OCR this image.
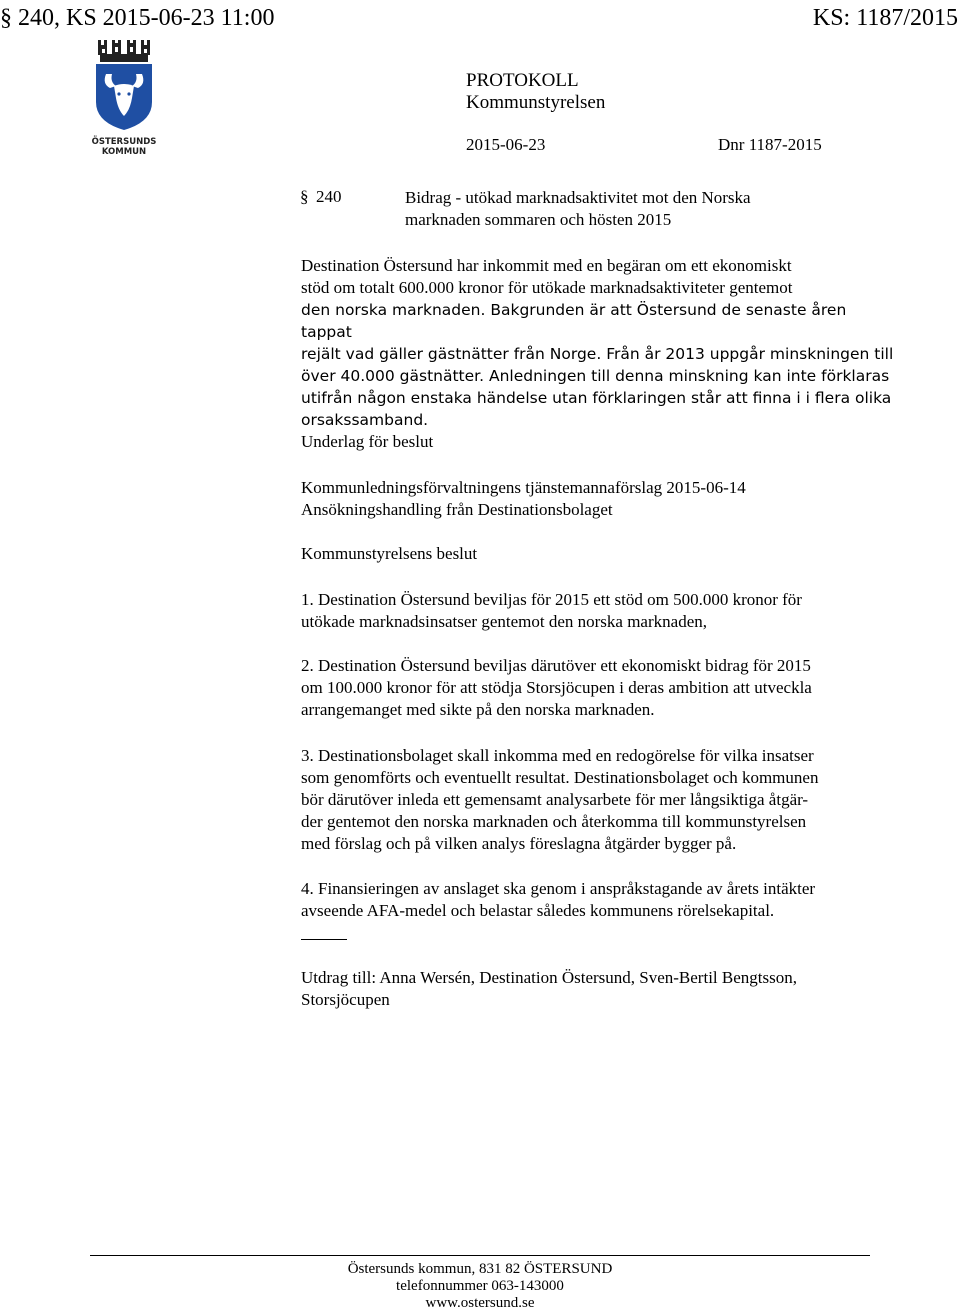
§ 240, KS 2015-06-23 11:00	KS: 1187/2015
ÖSTERSUNDS
KOMMUN
PROTOKOLL
Kommunstyrelsen
2015-06-23	Dnr 1187-2015
§ 240	Bidrag - utökad marknadsaktivitet mot den Norska
marknaden sommaren och hösten 2015
Destination Östersund har inkommit med en begäran om ett ekonomiskt
stöd om totalt 600.000 kronor för utökade marknadsaktiviteter gentemot
den norska marknaden. Bakgrunden är att Östersund de senaste åren tappat
rejält vad gäller gästnätter från Norge. Från år 2013 uppgår minskningen till
över 40.000 gästnätter. Anledningen till denna minskning kan inte förklaras
utifrån någon enstaka händelse utan förklaringen står att finna i i flera olika
orsakssamband.
Underlag för beslut
Kommunledningsförvaltningens tjänstemannaförslag 2015-06-14
Ansökningshandling från Destinationsbolaget
Kommunstyrelsens beslut
1. Destination Östersund beviljas för 2015 ett stöd om 500.000 kronor för
utökade marknadsinsatser gentemot den norska marknaden,
2. Destination Östersund beviljas därutöver ett ekonomiskt bidrag för 2015
om 100.000 kronor för att stödja Storsjöcupen i deras ambition att utveckla
arrangemanget med sikte på den norska marknaden.
3. Destinationsbolaget skall inkomma med en redogörelse för vilka insatser
som genomförts och eventuellt resultat. Destinationsbolaget och kommunen
bör därutöver inleda ett gemensamt analysarbete för mer långsiktiga åtgär-
der gentemot den norska marknaden och återkomma till kommunstyrelsen
med förslag och på vilken analys föreslagna åtgärder bygger på.
4. Finansieringen av anslaget ska genom i anspråkstagande av årets intäkter
avseende AFA-medel och belastar således kommunens rörelsekapital.
Utdrag till: Anna Wersén, Destination Östersund, Sven-Bertil Bengtsson,
Storsjöcupen
Östersunds kommun, 831 82 ÖSTERSUND
telefonnummer 063-143000
www.ostersund.se
